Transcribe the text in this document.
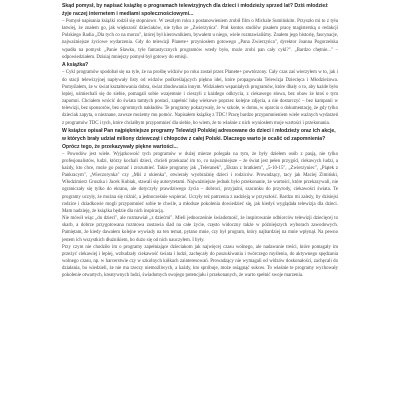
Skąd pomysł, by napisać książkę o programach telewizyjnych dla dzieci i młodzieży sprzed lat? Dziś młodzież żyje raczej internetem i mediami społecznościowymi...

– Pomysł napisania książki rodził się stopniowo. W zeszłym roku z postanowieniem zrobił film o Michale Sumińskim. Przyszło mi to z tyłu łatwiej, że znałem go, jak większość dzieciaków, nie tylko ze „Zwierzyńca". Prał kontos studiów pisałem pracę magisterską o redakcji Polskiego Radia „Dla tych co na morzu", której był kierownikiem, bywałem u niego, wiele rozmawialiśmy. Znałem jego historię, fascynacje, najważniejsze życiowe wydarzenia. Gdy do telewizji Planete+ przyniosłem gotowego „Pana Zwierzyńca", dyrektor Joanna Pogorzelska wpadła na pomysł: „Panie Sławku, tyle fantastycznych programów wtedy było, może zrobi pan cały cykl?". „Bardzo chętnie..." – odpowiedziałem. Dzisiaj mniejszy pomysł był gotowy do emisji.

A książka?

– Cykl programów spodobał się na tyle, że na prośbę widzów po roku został przez Planete+ powtórzony. Cały czas zaś wierzyłem w to, jak i do stacji telewizyjnej napływały listy od widzów podkreślających piękno idei, które propagowała Telewizja Dziecięca i Młodzieżowa. Pomyślałem, że w świat kształtowania dobra, świat zbudowania innym. Widziałem wspaniałych programów, które dbały o to, aby każde było lepiej, uśmiechali się do siebie, pomagali sobie wzajemnie i cieszyli z każdego odkrycia, z ciekawego słowa, bez obaw że ktoś o tym zapomni. Chciałem wrócić do świata tamtych postaci, zapełnić lukę wiekowe poprzez kolejne zdjęcia, a nie dostarczyć – bez kampanii w telewizji, bez sponsorów, bez ogromnych nakładów. Te programy pokazywały, że w szkole, w domu, w oparciu o dokumentację, że gdy tylko dzieciak zapyta, o nieznane, zawsze możemy mu pomóc. Napisałem książkę z TDC! Pracę bardzo przypomnieniem wiele ważnych wydarzeń z programów TDC i tych, które chciałbym przypomnieć dla siebie, bo wiem, że to właśnie z nich wyniosłem moje wartości i przekonania.

W książce opisał Pan najpiękniejsze programy Telewizji Polskiej adresowane do dzieci i młodzieży oraz ich akcje, w których brały udział miliony dziewcząt i chłopców z całej Polski. Dlaczego warto je ocalić od zapomnienia? Oprócz tego, że przekazywały piękne wartości...

– Powodów jest wiele. Wyjątkowość tych programów w dużej mierze polegała na tym, że były dziełem osób z pasją, nie tylko profesjonalistów, ludzi, którzy kochali dzieci, chcieli przekazać im to, co najważniejsze – że świat jest pełen przygód, ciekawych ludzi, a każdy, kto chce, może go poznać i zrozumieć. Takie programy jak „Teleranek", „Ekran z bratkiem", „5-10-15", „Zwierzyniec", „Piątek z Pankracym", „Wieczorynka" czy „Miś z okienka", otwierały wyobraźnię dzieci i rodziców. Prowadzący, tacy jak Maciej Zimiński, Włodzimierz Gruszka i Jacek Kubiak, stawali się autorytetami. Najważniejsze jednak było przekonanie, że wartości, które przekazywali, nie ograniczały się tylko do ekranu, ale dotyczyły prawdziwego życia – dobroci, przyjaźni, szacunku do przyrody, ciekawości świata. Te programy uczyły, że można się różnić, a jednocześnie wspierać. Uczyły też patrzenia z nadzieją w przyszłość. Bardzo mi zależy, by dzisiejsi rodzice i dziadkowie mogli przypomnieć sobie te chwile, a młodsze pokolenia dowiedzieć się, jak kiedyś wyglądała telewizja dla dzieci. Mam nadzieję, że książka będzie dla nich inspiracją.

Nie mówił wiąc „do dzieci", ale rozmawiał „z dziećmi". Mieli jednocześnie świadomość, że inspirowanie odbiorców telewizji dziecięcej to skarb, a dobrze przygotowana rozmowa zostawia ślad na całe życie, często widoczny także w późniejszych wyborach zawodowych. Pamiętam, że kiedy dawałem kolejne wywiady na ten temat, pytano mnie, czy był program, który najbardziej na mnie wpłynął. Na pewno jestem ich wszystkich dłużnikiem, bo dużo się od nich nauczyłem. I były.

Przy czym nie chodziło im o programy zapełniające dzieciakom jak najwięcej czasu wolnego, ale nadawanie treści, które pomagały im przeżyć ciekawiej i lepiej, wzbudzały ciekawość świata i ludzi, zachęcały do poszukiwania i twórczego myślenia, do aktywnego spędzania wolnego czasu, np. w harcerstwie czy w szkolnych kółkach zainteresowań. Prowadzący nie wymagali od widzów doskonałości, zachęcali do działania, bo wiedzieli, że nie ma rzeczy niemożliwych, a każdy, kto spróbuje, może osiągnąć sukces. To właśnie te programy wychowały pokolenie otwartych, kreatywnych ludzi, świadomych swojego potencjału i przekonanych, że warto spełnić swoje marzenia.
